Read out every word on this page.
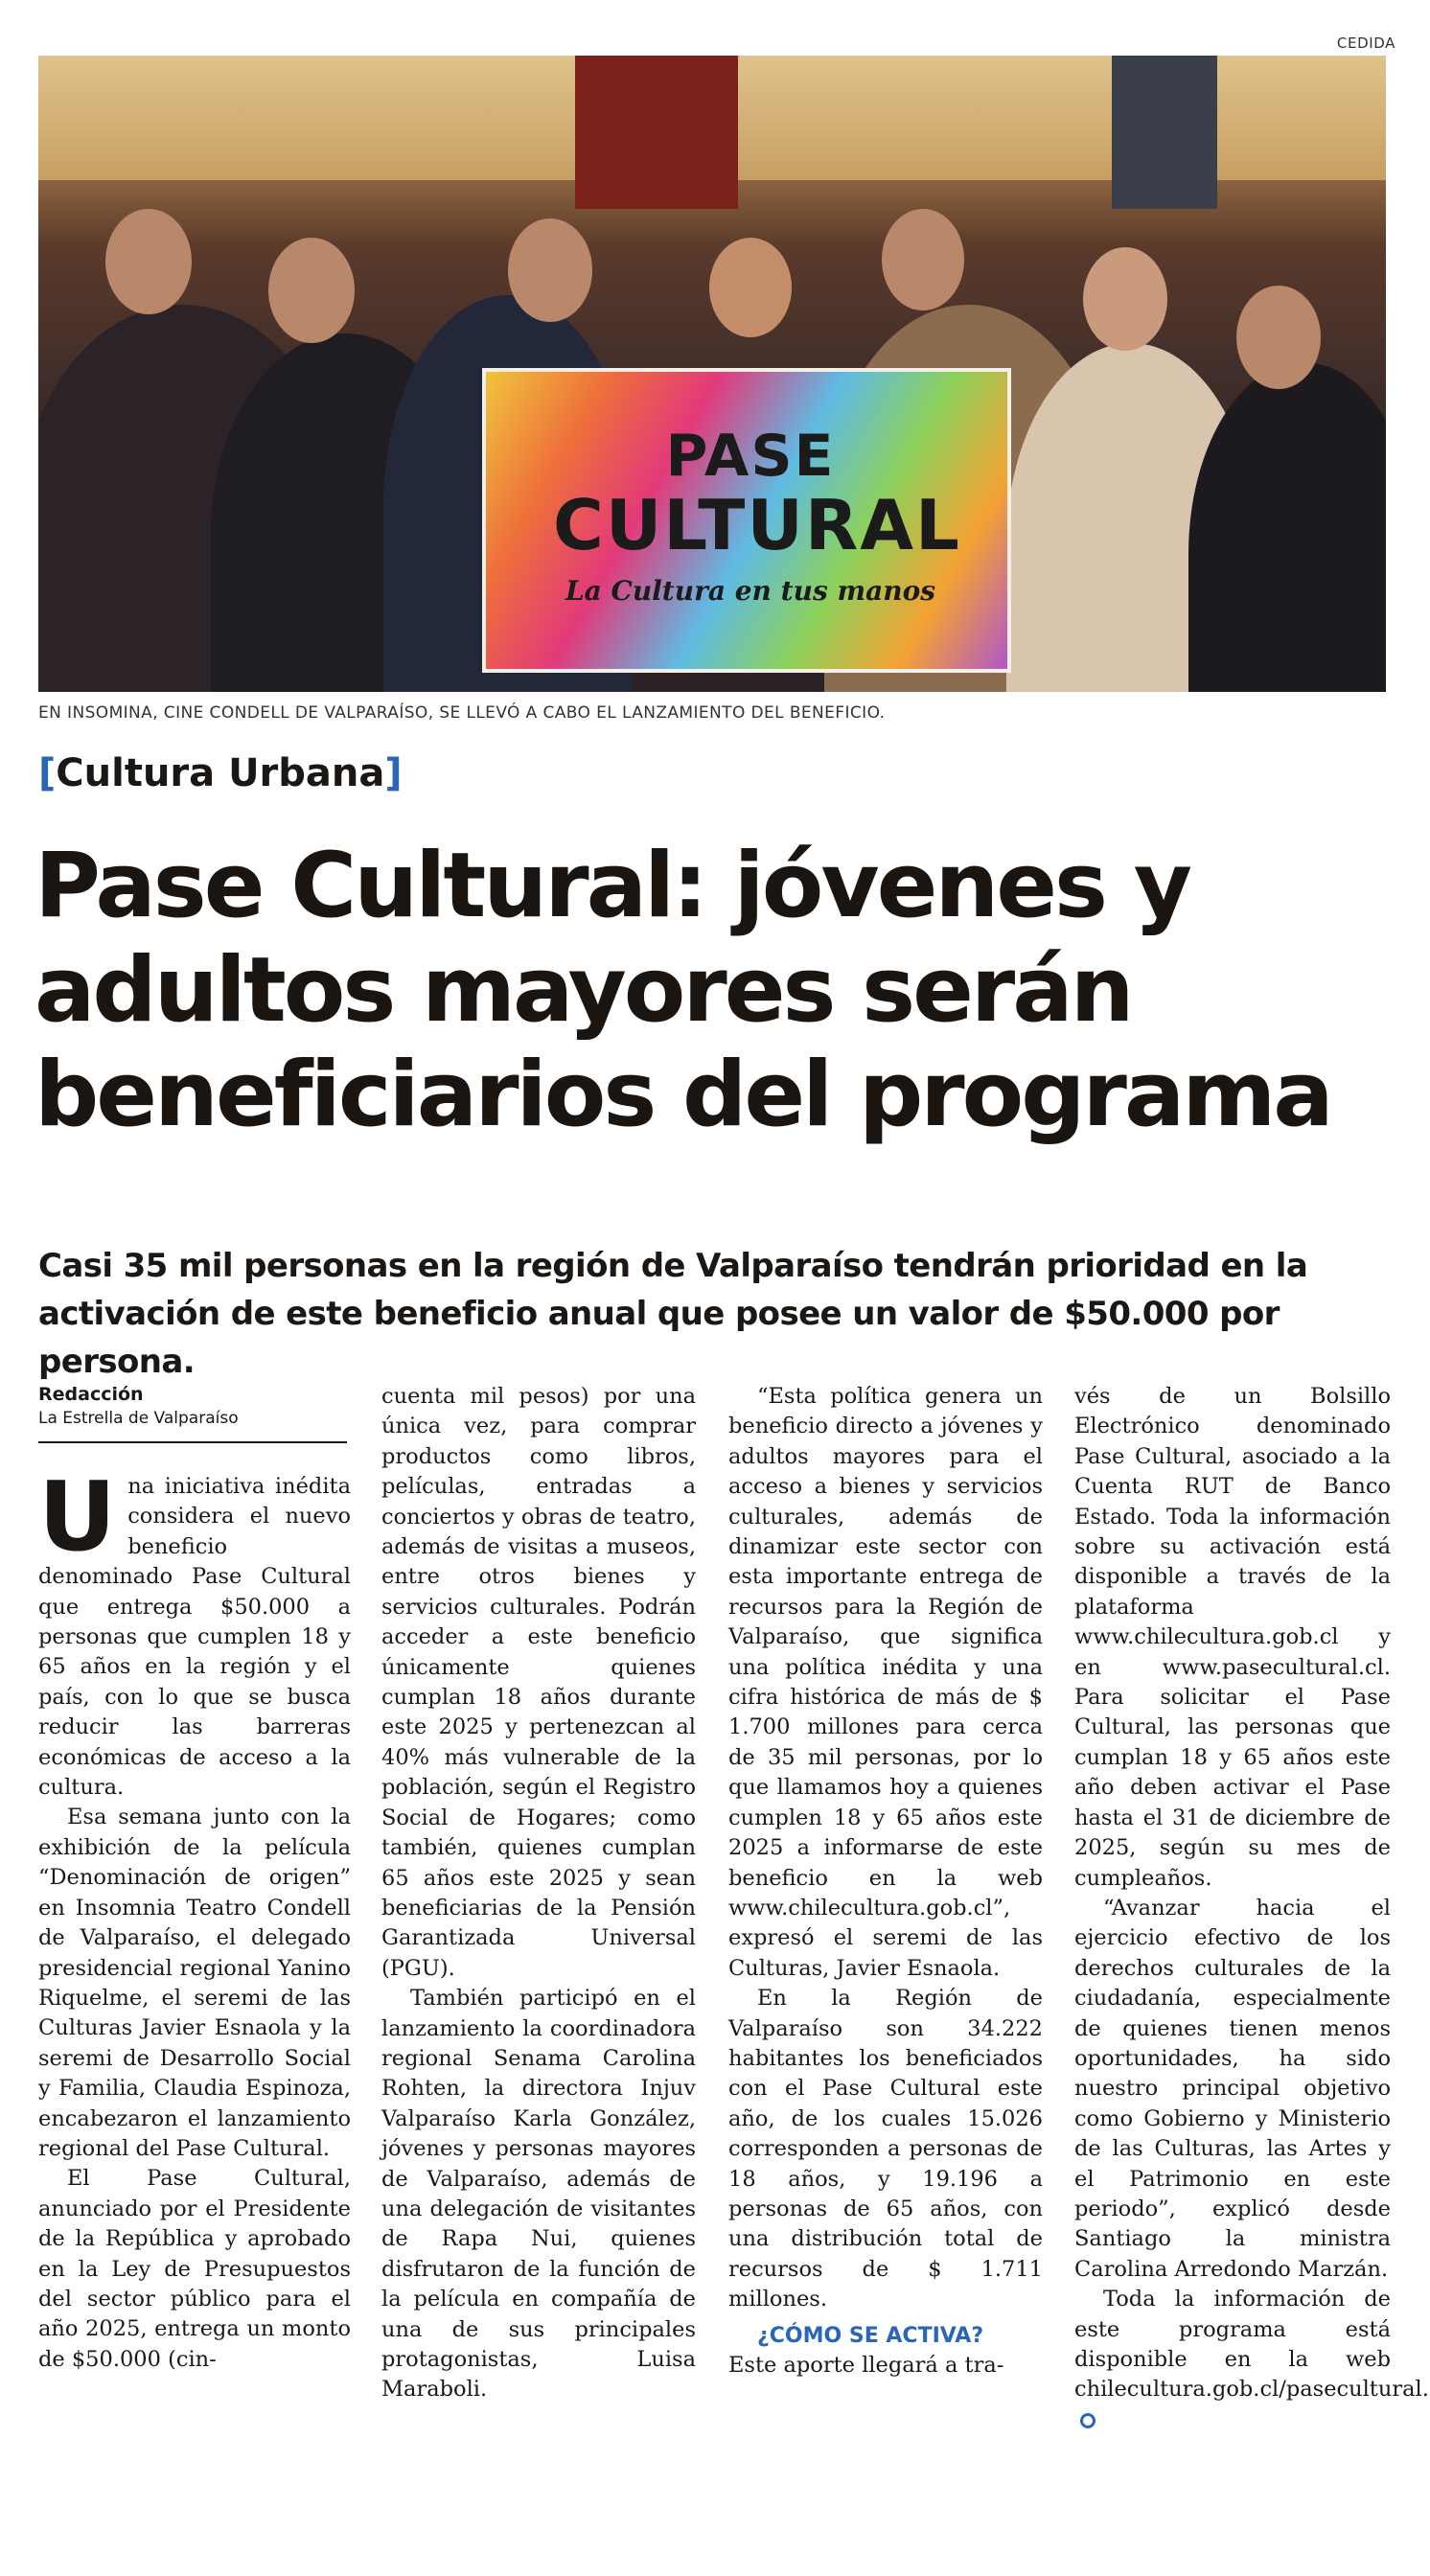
CEDIDA
PASE
CULTURAL
La Cultura en tus manos
EN INSOMINA, CINE CONDELL DE VALPARAÍSO, SE LLEVÓ A CABO EL LANZAMIENTO DEL BENEFICIO.
[Cultura Urbana]
Pase Cultural: jóvenes y adultos mayores serán beneficiarios del programa
Casi 35 mil personas en la región de Valparaíso tendrán prioridad en la activación de este beneficio anual que posee un valor de $50.000 por persona.
Redacción
La Estrella de Valparaíso

Una iniciativa inédita considera el nuevo beneficio denominado Pase Cultural que entrega $50.000 a personas que cumplen 18 y 65 años en la región y el país, con lo que se busca reducir las barreras económicas de acceso a la cultura.

Esa semana junto con la exhibición de la película “Denominación de origen” en Insomnia Teatro Condell de Valparaíso, el delegado presidencial regional Yanino Riquelme, el seremi de las Culturas Javier Esnaola y la seremi de Desarrollo Social y Familia, Claudia Espinoza, encabezaron el lanzamiento regional del Pase Cultural.

El Pase Cultural, anunciado por el Presidente de la República y aprobado en la Ley de Presupuestos del sector público para el año 2025, entrega un monto de $50.000 (cin-

cuenta mil pesos) por una única vez, para comprar productos como libros, películas, entradas a conciertos y obras de teatro, además de visitas a museos, entre otros bienes y servicios culturales. Podrán acceder a este beneficio únicamente quienes cumplan 18 años durante este 2025 y pertenezcan al 40% más vulnerable de la población, según el Registro Social de Hogares; como también, quienes cumplan 65 años este 2025 y sean beneficiarias de la Pensión Garantizada Universal (PGU).

También participó en el lanzamiento la coordinadora regional Senama Carolina Rohten, la directora Injuv Valparaíso Karla González, jóvenes y personas mayores de Valparaíso, además de una delegación de visitantes de Rapa Nui, quienes disfrutaron de la función de la película en compañía de una de sus principales protagonistas, Luisa Maraboli.

“Esta política genera un beneficio directo a jóvenes y adultos mayores para el acceso a bienes y servicios culturales, además de dinamizar este sector con esta importante entrega de recursos para la Región de Valparaíso, que significa una política inédita y una cifra histórica de más de $ 1.700 millones para cerca de 35 mil personas, por lo que llamamos hoy a quienes cumplen 18 y 65 años este 2025 a informarse de este beneficio en la web www.chilecultura.gob.cl”, expresó el seremi de las Culturas, Javier Esnaola.

En la Región de Valparaíso son 34.222 habitantes los beneficiados con el Pase Cultural este año, de los cuales 15.026 corresponden a personas de 18 años, y 19.196 a personas de 65 años, con una distribución total de recursos de $ 1.711 millones.

¿CÓMO SE ACTIVA?

Este aporte llegará a tra-

vés de un Bolsillo Electrónico denominado Pase Cultural, asociado a la Cuenta RUT de Banco Estado. Toda la información sobre su activación está disponible a través de la plataforma www.chilecultura.gob.cl y en www.pasecultural.cl. Para solicitar el Pase Cultural, las personas que cumplan 18 y 65 años este año deben activar el Pase hasta el 31 de diciembre de 2025, según su mes de cumpleaños.

“Avanzar hacia el ejercicio efectivo de los derechos culturales de la ciudadanía, especialmente de quienes tienen menos oportunidades, ha sido nuestro principal objetivo como Gobierno y Ministerio de las Culturas, las Artes y el Patrimonio en este periodo”, explicó desde Santiago la ministra Carolina Arredondo Marzán.

Toda la información de este programa está disponible en la web chilecultura.gob.cl/pasecultural.
